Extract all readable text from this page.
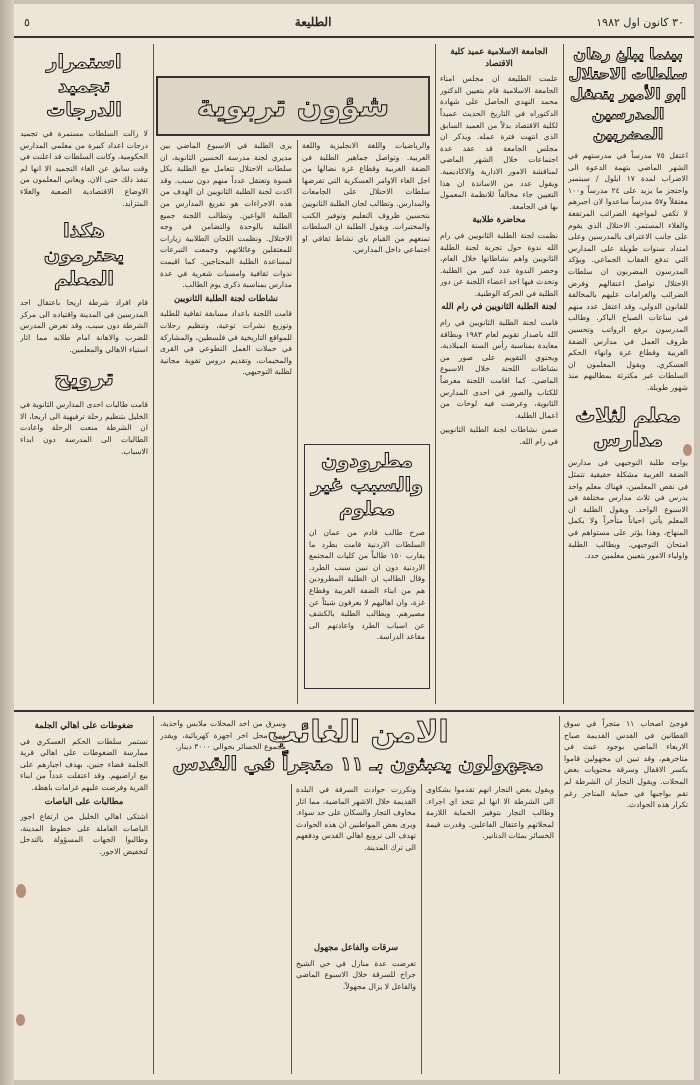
٣٠ كانون اول ١٩٨٢
الطليعة
٥
بينما يبلغ رهان سلطات الاحتلال ابو الأمير يتعقل المدرسين المضربين

اعتقل ٧٥ مدرساً في مدرستهم في الشهر الماضي بتهمة الدعوة الى الاضراب لمدة ١٧ ايلول / سبتمبر واحتجز ما يزيد على ٢٤ مدرساً و١٠٠ معتقلاً و٥٧ مدرساً ساعدوا لان اجبرهم لا تكفي لمواجهة الضرائب المرتفعة والغلاء المستمر. الاحتلال الذي يقوم على جانب الاعتراف بالمدرسين وعلى امتداد سنوات طويلة على المدارس التي تدفع العقاب الجماعي. ويؤكد المدرسون المضربون ان سلطات الاحتلال تواصل اعتقالهم وفرض الضرائب والغرامات عليهم بالمخالفة للقانون الدولي، وقد اعتقل عدد منهم في ساعات الصباح الباكر. وطالب المدرسون برفع الرواتب وتحسين ظروف العمل في مدارس الضفة الغربية وقطاع غزة وانهاء الحكم العسكري. ويقول المعلمون ان السلطات غير مكترثة بمطالبهم منذ شهور طويلة.

معلم لثلاث مدارس

يواجه طلبة التوجيهي في مدارس الضفة الغربية مشكلة حقيقية تتمثل في نقص المعلمين، فهناك معلم واحد يدرس في ثلاث مدارس مختلفة في الاسبوع الواحد. ويقول الطلبة ان المعلم يأتي احياناً متأخراً ولا يكمل المنهاج، وهذا يؤثر على مستواهم في امتحان التوجيهي. ويطالب الطلبة واولياء الامور بتعيين معلمين جدد.

الجامعة الاسلامية عميد كلية الاقتصاد

علمت الطليعة ان مجلس امناء الجامعة الاسلامية قام بتعيين الدكتور محمد النهدي الحاصل على شهادة الدكتوراه في التاريخ الحديث عميداً لكلية الاقتصاد بدلاً من العميد السابق الذي انتهت فترة عمله. ويذكر ان مجلس الجامعة قد عقد عدة اجتماعات خلال الشهر الماضي لمناقشة الامور الادارية والاكاديمية. ويقول عدد من الاساتذة ان هذا التعيين جاء مخالفاً للانظمة المعمول بها في الجامعة.

محاضرة طلابية

نظمت لجنة الطلبة الثانويين في رام الله ندوة حول تجربة لجنة الطلبة الثانويين واهم نشاطاتها خلال العام، وحضر الندوة عدد كبير من الطلبة. وتحدث فيها احد اعضاء اللجنة عن دور الطلبة في الحركة الوطنية.

لجنة الطلبة الثانويين في رام الله

قامت لجنة الطلبة الثانويين في رام الله باصدار تقويم لعام ١٩٨٣ وبطاقة معايدة بمناسبة رأس السنة الميلادية، ويحتوي التقويم على صور من نشاطات اللجنة خلال الاسبوع الماضي. كما اقامت اللجنة معرضاً للكتاب والصور في احدى المدارس الثانوية، وعرضت فيه لوحات من اعمال الطلبة.

ضمن نشاطات لجنة الطلبة الثانويين في رام الله.

شؤون تربوية

والرياضيات واللغة الانجليزية واللغة العربية. وتواصل جماهير الطلبة في الضفة الغربية وقطاع غزة نضالها من اجل الغاء الاوامر العسكرية التي تفرضها سلطات الاحتلال على الجامعات والمدارس. وتطالب لجان الطلبة الثانويين بتحسين ظروف التعليم وتوفير الكتب والمختبرات. ويقول الطلبة ان السلطات تمنعهم من القيام باي نشاط ثقافي او اجتماعي داخل المدارس.

مطرودون والسبب غير معلوم
صرح طالب قادم من عمان ان السلطات الاردنية قامت بطرد ما يقارب ١٥٠ طالباً من كليات المجتمع الاردنية دون ان تبين سبب الطرد. وقال الطالب ان الطلبة المطرودين هم من ابناء الضفة الغربية وقطاع غزة، وان اهاليهم لا يعرفون شيئاً عن مصيرهم. ويطالب الطلبة بالكشف عن اسباب الطرد واعادتهم الى مقاعد الدراسة.

يرى الطلبة في الاسبوع الماضي بين مديري لجنة مدرسة الحسين الثانوية، ان سلطات الاحتلال تتعامل مع الطلبة بكل قسوة وتعتقل عدداً منهم دون سبب. وقد اكدت لجنة الطلبة الثانويين ان الهدف من هذه الاجراءات هو تفريغ المدارس من الطلبة الواعين. وتطالب اللجنة جميع الطلبة بالوحدة والتضامن في وجه الاحتلال. ونظمت اللجان الطلابية زيارات للمعتقلين وعائلاتهم، وجمعت التبرعات لمساعدة الطلبة المحتاجين. كما اقيمت ندوات ثقافية وامسيات شعرية في عدة مدارس بمناسبة ذكرى يوم الطالب.

نشاطات لجنة الطلبة الثانويين

قامت اللجنة باعداد مسابقة ثقافية للطلبة وتوزيع نشرات توعية، وتنظيم رحلات للمواقع التاريخية في فلسطين، والمشاركة في حملات العمل التطوعي في القرى والمخيمات، وتقديم دروس تقوية مجانية لطلبة التوجيهي.

استمرار تجميد الدرجات

لا زالت السلطات مستمرة في تجميد درجات اعداد كبيرة من معلمي المدارس الحكومية، وكانت السلطات قد اعلنت في وقت سابق عن الغاء التجميد الا انها لم تنفذ ذلك حتى الان. ويعاني المعلمون من الاوضاع الاقتصادية الصعبة والغلاء المتزايد.

هكذا يحترمون المعلم

قام افراد شرطة اريحا باعتقال احد المدرسين في المدينة واقتياده الى مركز الشرطة دون سبب، وقد تعرض المدرس للضرب والاهانة امام طلابه مما اثار استياء الاهالي والمعلمين.

ترويح

قامت طالبات احدى المدارس الثانوية في الخليل بتنظيم رحلة ترفيهية الى اريحا، الا ان الشرطة منعت الرحلة واعادت الطالبات الى المدرسة دون ابداء الاسباب.

الامن الغائب
مجهولون يعبثون بـ ١١ متجراً في القدس

فوجئ اصحاب ١١ متجراً في سوق القطانين في القدس القديمة صباح الاربعاء الماضي بوجود عبث في متاجرهم، وقد تبين ان مجهولين قاموا بكسر الاقفال وسرقة محتويات بعض المحلات. ويقول التجار ان الشرطة لم تقم بواجبها في حماية المتاجر رغم تكرار هذه الحوادث.

ويقول بعض التجار انهم تقدموا بشكاوى الى الشرطة الا انها لم تتخذ اي اجراء. وطالب التجار بتوفير الحماية اللازمة لمحلاتهم واعتقال الفاعلين. وقدرت قيمة الخسائر بمئات الدنانير.

وتكررت حوادث السرقة في البلدة القديمة خلال الاشهر الماضية، مما اثار مخاوف التجار والسكان على حد سواء. ويرى بعض المواطنين ان هذه الحوادث تهدف الى ترويع اهالي القدس ودفعهم الى ترك المدينة.

سرقات والفاعل مجهول

تعرضت عدة منازل في حي الشيخ جراح للسرقة خلال الاسبوع الماضي والفاعل لا يزال مجهولاً.

وسرق من احد المحلات ملابس واحذية، ومن محل اخر اجهزة كهربائية، ويقدر مجموع الخسائر بحوالي ٣٠٠٠ دينار.

ضغوطات على اهالي الجلمة

تستمر سلطات الحكم العسكري في ممارسة الضغوطات على اهالي قرية الجلمة قضاء جنين، بهدف اجبارهم على بيع اراضيهم. وقد اعتقلت عدداً من ابناء القرية وفرضت عليهم غرامات باهظة.

مطالبات على الباصات

اشتكى اهالي الخليل من ارتفاع اجور الباصات العاملة على خطوط المدينة، وطالبوا الجهات المسؤولة بالتدخل لتخفيض الاجور.
